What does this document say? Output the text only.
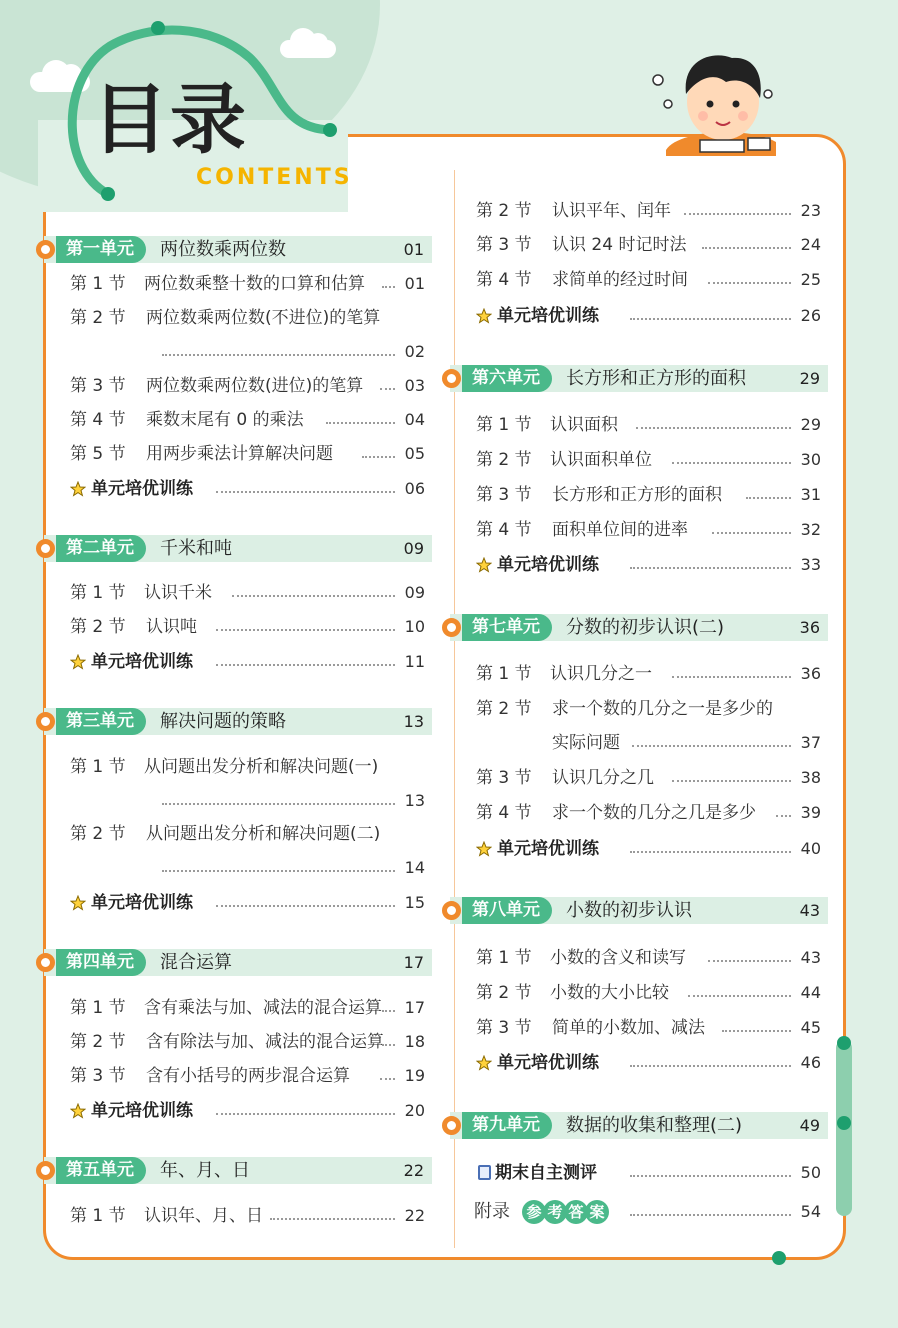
目录
CONTENTS
第一单元	两位数乘两位数	01
第 1 节 两位数乘整十数的口算和估算 01
第 2 节 两位数乘两位数(不进位)的笔算
02
第 3 节 两位数乘两位数(进位)的笔算	03
第 4 节 乘数末尾有 0 的乘法	04
第 5 节 用两步乘法计算解决问题	05
单元培优训练	06
第二单元	千米和吨	09
第 1 节 认识千米	09
第 2 节 认识吨	10
单元培优训练	11
第三单元	解决问题的策略	13
第 1 节 从问题出发分析和解决问题(一)
13
第 2 节 从问题出发分析和解决问题(二)
14
单元培优训练	15
第四单元	混合运算	17
第 1 节 含有乘法与加、减法的混合运算 17
第 2 节 含有除法与加、减法的混合运算 18
第 3 节 含有小括号的两步混合运算	19
单元培优训练	20
第五单元	年、月、日	22
第 1 节 认识年、月、日	22
第 2 节 认识平年、闰年	23
第 3 节 认识 24 时记时法	24
第 4 节 求简单的经过时间	25
单元培优训练	26
第六单元	长方形和正方形的面积	29
第 1 节 认识面积	29
第 2 节 认识面积单位	30
第 3 节 长方形和正方形的面积	31
第 4 节 面积单位间的进率	32
单元培优训练	33
第七单元	分数的初步认识(二)	36
第 1 节 认识几分之一	36
第 2 节 求一个数的几分之一是多少的
实际问题	37
第 3 节 认识几分之几	38
第 4 节 求一个数的几分之几是多少	39
单元培优训练	40
第八单元	小数的初步认识	43
第 1 节 小数的含义和读写	43
第 2 节 小数的大小比较	44
第 3 节 简单的小数加、减法	45
单元培优训练	46
第九单元	数据的收集和整理(二)	49
期末自主测评	50
附录 参 考 答 案	54
